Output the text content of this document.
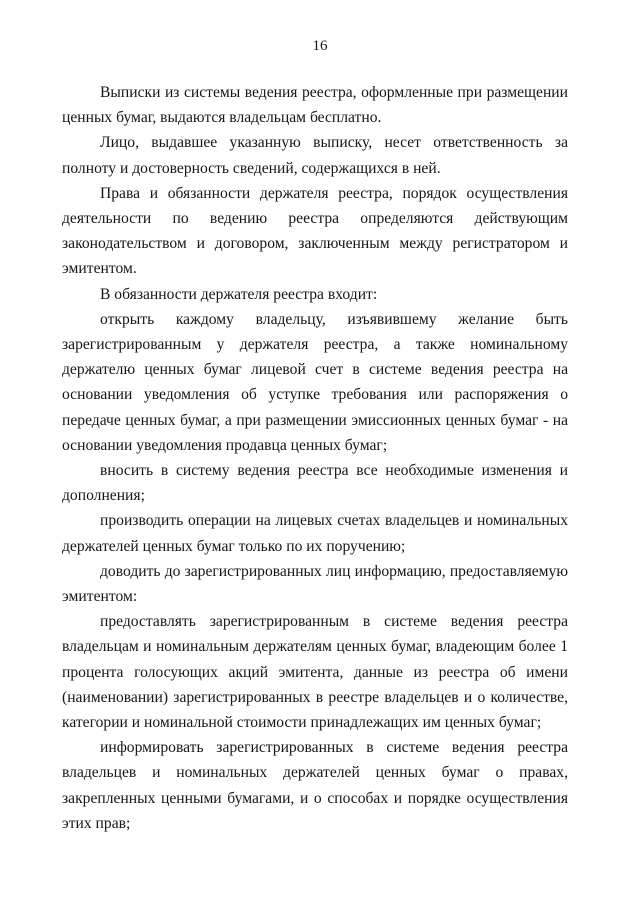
16

Выписки из системы ведения реестра, оформленные при размещении ценных бумаг, выдаются владельцам бесплатно.

Лицо, выдавшее указанную выписку, несет ответственность за полноту и достоверность сведений, содержащихся в ней.

Права и обязанности держателя реестра, порядок осуществления деятельности по ведению реестра определяются действующим законодательством и договором, заключенным между регистратором и эмитентом.

В обязанности держателя реестра входит:

открыть каждому владельцу, изъявившему желание быть зарегистрированным у держателя реестра, а также номинальному держателю ценных бумаг лицевой счет в системе ведения реестра на основании уведомления об уступке требования или распоряжения о передаче ценных бумаг, а при размещении эмиссионных ценных бумаг - на основании уведомления продавца ценных бумаг;

вносить в систему ведения реестра все необходимые изменения и дополнения;

производить операции на лицевых счетах владельцев и номинальных держателей ценных бумаг только по их поручению;

доводить до зарегистрированных лиц информацию, предоставляемую эмитентом:

предоставлять зарегистрированным в системе ведения реестра владельцам и номинальным держателям ценных бумаг, владеющим более 1 процента голосующих акций эмитента, данные из реестра об имени (наименовании) зарегистрированных в реестре владельцев и о количестве, категории и номинальной стоимости принадлежащих им ценных бумаг;

информировать зарегистрированных в системе ведения реестра владельцев и номинальных держателей ценных бумаг о правах, закрепленных ценными бумагами, и о способах и порядке осуществления этих прав;
